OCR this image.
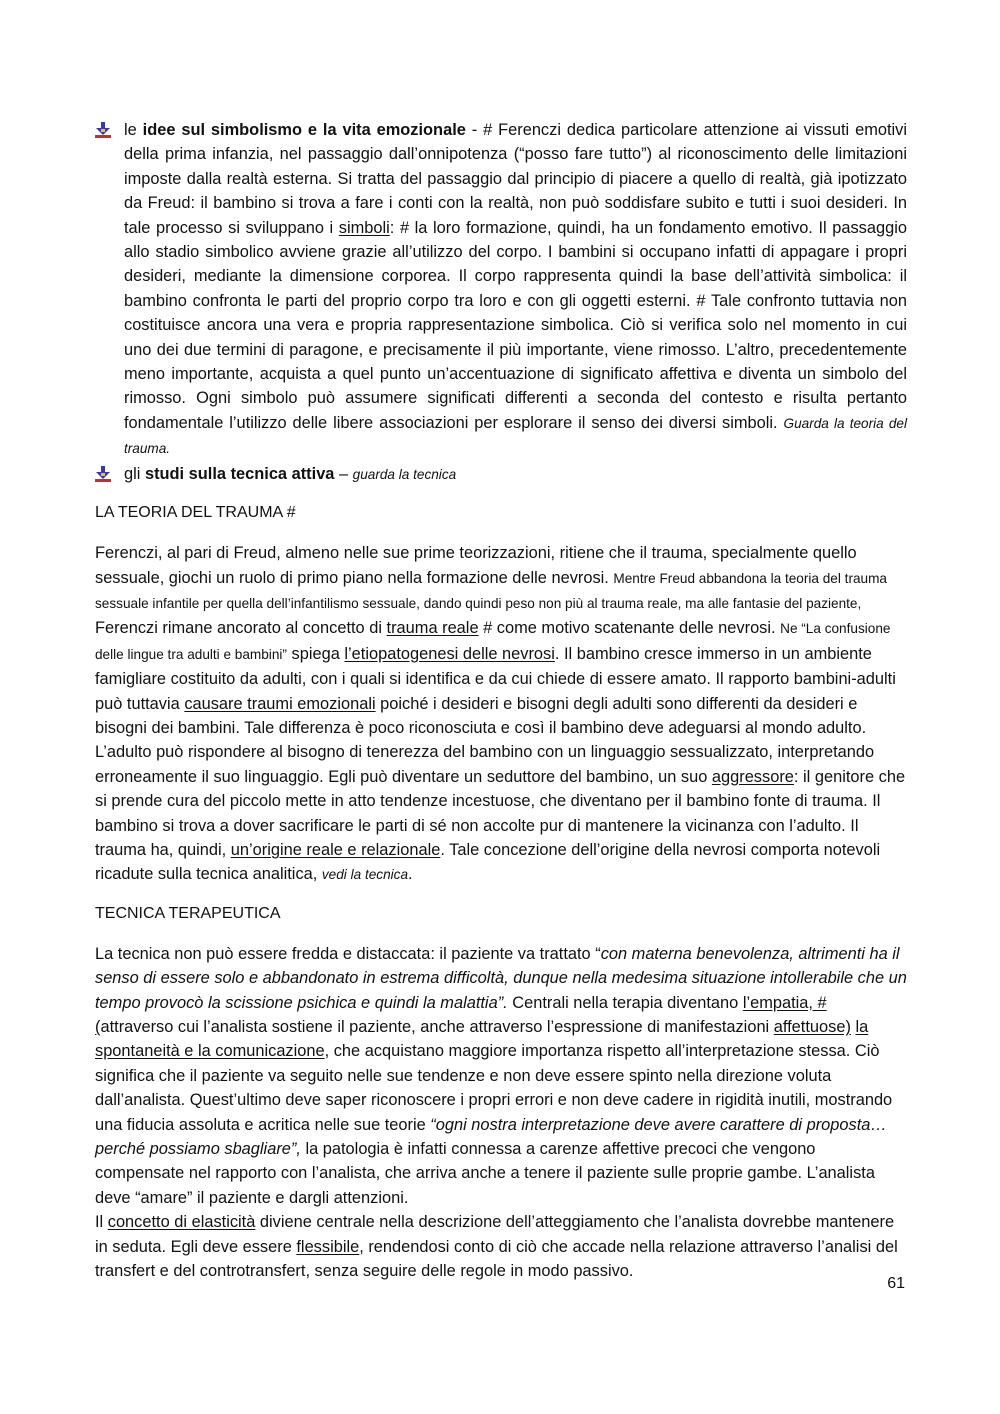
le idee sul simbolismo e la vita emozionale - # Ferenczi dedica particolare attenzione ai vissuti emotivi della prima infanzia, nel passaggio dall’onnipotenza (“posso fare tutto”) al riconoscimento delle limitazioni imposte dalla realtà esterna. Si tratta del passaggio dal principio di piacere a quello di realtà, già ipotizzato da Freud: il bambino si trova a fare i conti con la realtà, non può soddisfare subito e tutti i suoi desideri. In tale processo si sviluppano i simboli: # la loro formazione, quindi, ha un fondamento emotivo. Il passaggio allo stadio simbolico avviene grazie all’utilizzo del corpo. I bambini si occupano infatti di appagare i propri desideri, mediante la dimensione corporea. Il corpo rappresenta quindi la base dell’attività simbolica: il bambino confronta le parti del proprio corpo tra loro e con gli oggetti esterni. # Tale confronto tuttavia non costituisce ancora una vera e propria rappresentazione simbolica. Ciò si verifica solo nel momento in cui uno dei due termini di paragone, e precisamente il più importante, viene rimosso. L’altro, precedentemente meno importante, acquista a quel punto un’accentuazione di significato affettiva e diventa un simbolo del rimosso. Ogni simbolo può assumere significati differenti a seconda del contesto e risulta pertanto fondamentale l’utilizzo delle libere associazioni per esplorare il senso dei diversi simboli. Guarda la teoria del trauma.

gli studi sulla tecnica attiva – guarda la tecnica

LA TEORIA DEL TRAUMA #

Ferenczi, al pari di Freud, almeno nelle sue prime teorizzazioni, ritiene che il trauma, specialmente quello sessuale, giochi un ruolo di primo piano nella formazione delle nevrosi. Mentre Freud abbandona la teoria del trauma sessuale infantile per quella dell’infantilismo sessuale, dando quindi peso non più al trauma reale, ma alle fantasie del paziente, Ferenczi rimane ancorato al concetto di trauma reale # come motivo scatenante delle nevrosi. Ne “La confusione delle lingue tra adulti e bambini” spiega l’etiopatogenesi delle nevrosi. Il bambino cresce immerso in un ambiente famigliare costituito da adulti, con i quali si identifica e da cui chiede di essere amato. Il rapporto bambini-adulti può tuttavia causare traumi emozionali poiché i desideri e bisogni degli adulti sono differenti da desideri e bisogni dei bambini. Tale differenza è poco riconosciuta e così il bambino deve adeguarsi al mondo adulto. L’adulto può rispondere al bisogno di tenerezza del bambino con un linguaggio sessualizzato, interpretando erroneamente il suo linguaggio. Egli può diventare un seduttore del bambino, un suo aggressore: il genitore che si prende cura del piccolo mette in atto tendenze incestuose, che diventano per il bambino fonte di trauma. Il bambino si trova a dover sacrificare le parti di sé non accolte pur di mantenere la vicinanza con l’adulto. Il trauma ha, quindi, un’origine reale e relazionale. Tale concezione dell’origine della nevrosi comporta notevoli ricadute sulla tecnica analitica, vedi la tecnica.

TECNICA TERAPEUTICA

La tecnica non può essere fredda e distaccata: il paziente va trattato “con materna benevolenza, altrimenti ha il senso di essere solo e abbandonato in estrema difficoltà, dunque nella medesima situazione intollerabile che un tempo provocò la scissione psichica e quindi la malattia”. Centrali nella terapia diventano l’empatia, # (attraverso cui l’analista sostiene il paziente, anche attraverso l’espressione di manifestazioni affettuose) la spontaneità e la comunicazione, che acquistano maggiore importanza rispetto all’interpretazione stessa. Ciò significa che il paziente va seguito nelle sue tendenze e non deve essere spinto nella direzione voluta dall’analista. Quest’ultimo deve saper riconoscere i propri errori e non deve cadere in rigidità inutili, mostrando una fiducia assoluta e acritica nelle sue teorie “ogni nostra interpretazione deve avere carattere di proposta… perché possiamo sbagliare”, la patologia è infatti connessa a carenze affettive precoci che vengono compensate nel rapporto con l’analista, che arriva anche a tenere il paziente sulle proprie gambe. L’analista deve “amare” il paziente e dargli attenzioni.
Il concetto di elasticità diviene centrale nella descrizione dell’atteggiamento che l’analista dovrebbe mantenere in seduta. Egli deve essere flessibile, rendendosi conto di ciò che accade nella relazione attraverso l’analisi del transfert e del controtransfert, senza seguire delle regole in modo passivo.

61
